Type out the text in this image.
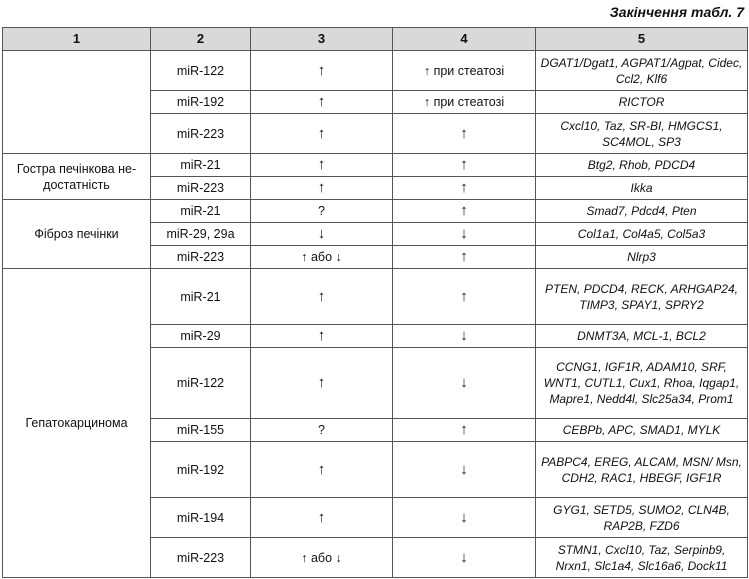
Закінчення табл. 7
1	2	3	4	5
	miR-122	↑	↑ при стеатозі	DGAT1/Dgat1, AGPAT1/Agpat, Cidec, Ccl2, Klf6
	miR-192	↑	↑ при стеатозі	RICTOR
	miR-223	↑	↑	Cxcl10, Taz, SR-BI, HMGCS1, SC4MOL, SP3
Гостра печінкова не-достатність	miR-21	↑	↑	Btg2, Rhob, PDCD4
	miR-223	↑	↑	Ikka
Фіброз печінки	miR-21	?	↑	Smad7, Pdcd4, Pten
	miR-29, 29a	↓	↓	Col1a1, Col4a5, Col5a3
	miR-223	↑ або ↓	↑	Nlrp3
Гепатокарцинома	miR-21	↑	↑	PTEN, PDCD4, RECK, ARHGAP24, TIMP3, SPAY1, SPRY2
	miR-29	↑	↓	DNMT3A, MCL-1, BCL2
	miR-122	↑	↓	CCNG1, IGF1R, ADAM10, SRF, WNT1, CUTL1, Cux1, Rhoa, Iqgap1, Mapre1, Nedd4l, Slc25a34, Prom1
	miR-155	?	↑	CEBPb, APC, SMAD1, MYLK
	miR-192	↑	↓	PABPC4, EREG, ALCAM, MSN/ Msn, CDH2, RAC1, HBEGF, IGF1R
	miR-194	↑	↓	GYG1, SETD5, SUMO2, CLN4B, RAP2B, FZD6
	miR-223	↑ або ↓	↓	STMN1, Cxcl10, Taz, Serpinb9, Nrxn1, Slc1a4, Slc16a6, Dock11
